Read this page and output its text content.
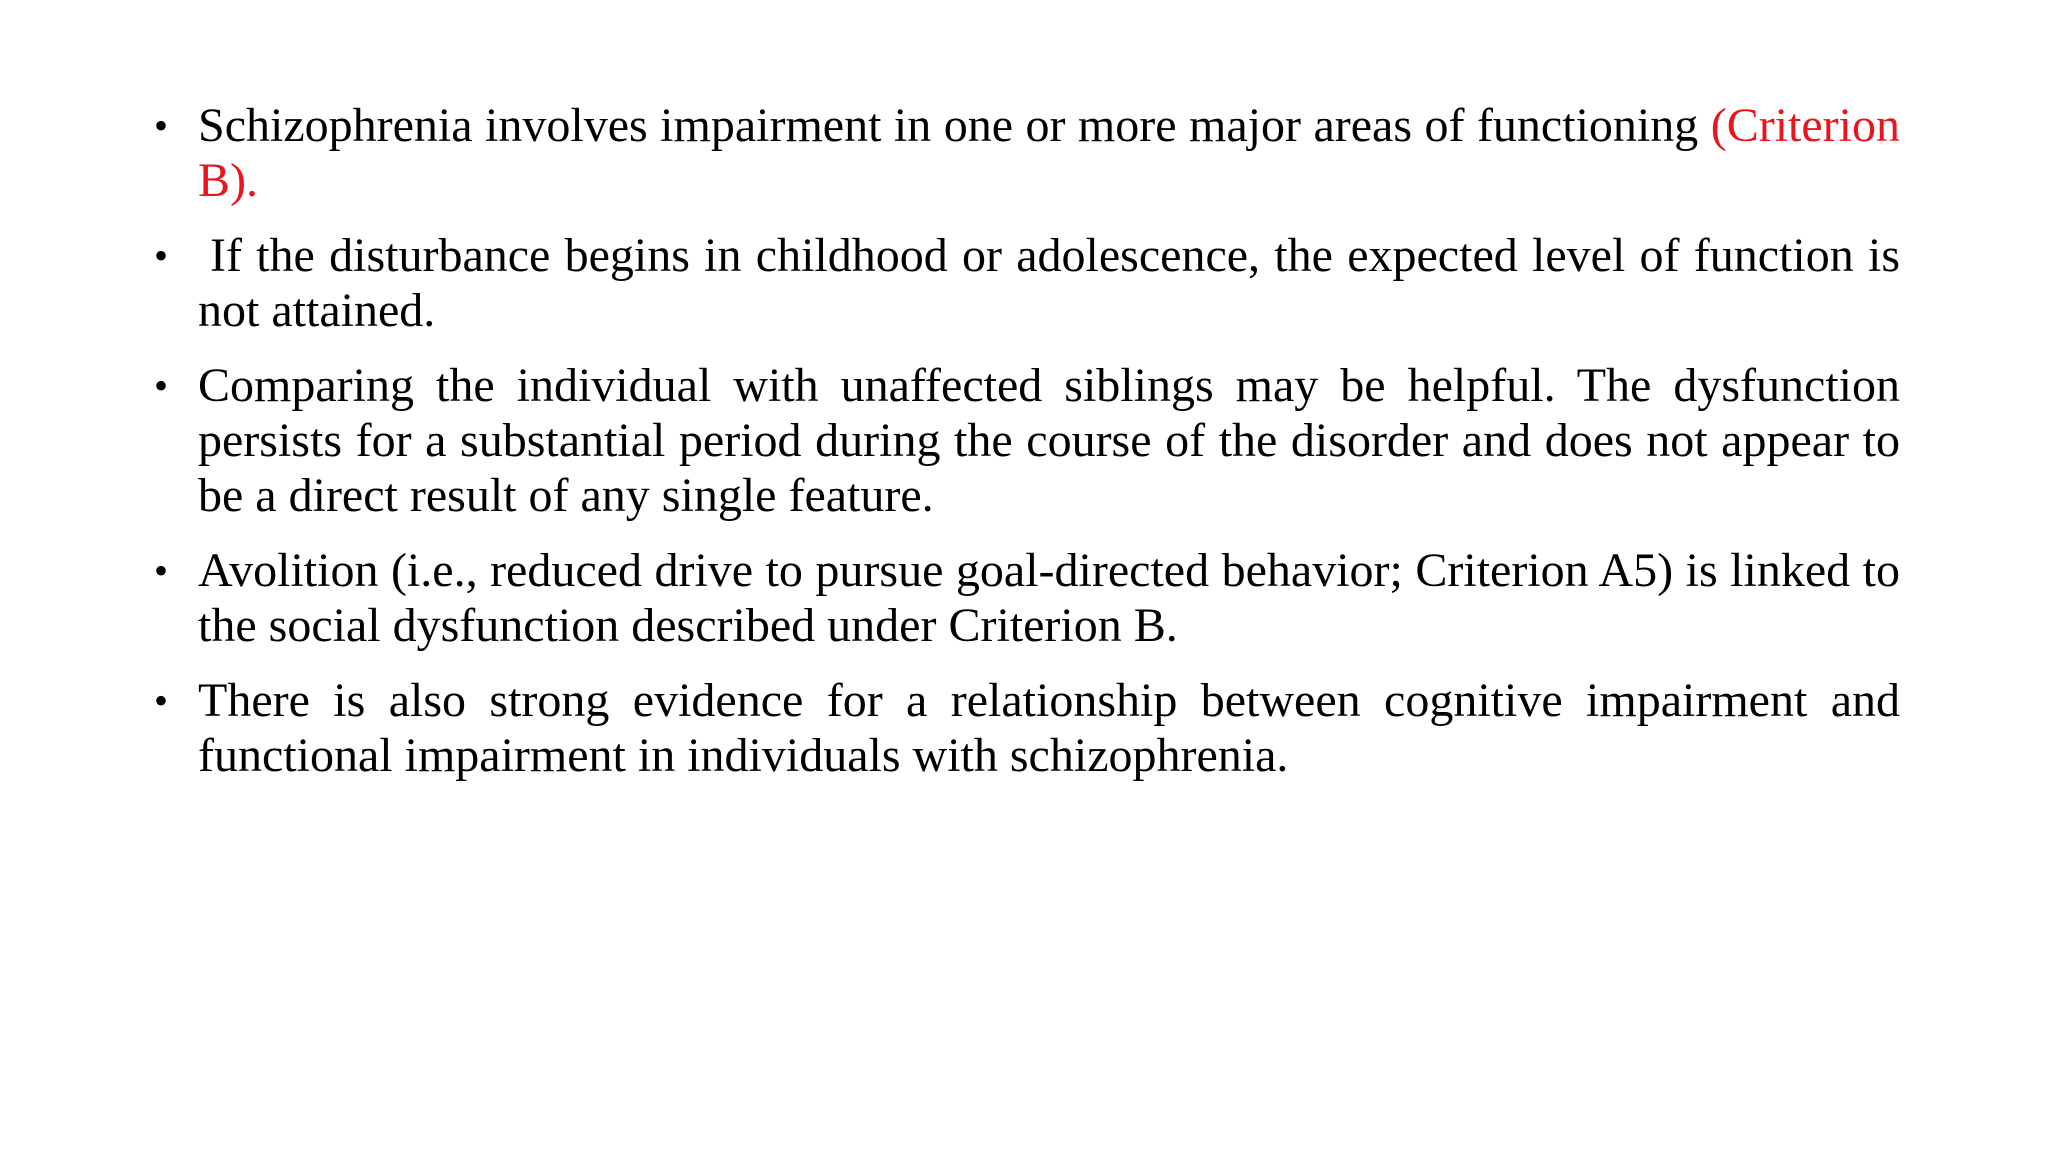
• Schizophrenia involves impairment in one or more major areas of functioning (Criterion B).
• If the disturbance begins in childhood or adolescence, the expected level of function is not attained.
• Comparing the individual with unaffected siblings may be helpful. The dysfunction persists for a substantial period during the course of the disorder and does not appear to be a direct result of any single feature.
• Avolition (i.e., reduced drive to pursue goal-directed behavior; Criterion A5) is linked to the social dysfunction described under Criterion B.
• There is also strong evidence for a relationship between cognitive impairment and functional impairment in individuals with schizophrenia.
